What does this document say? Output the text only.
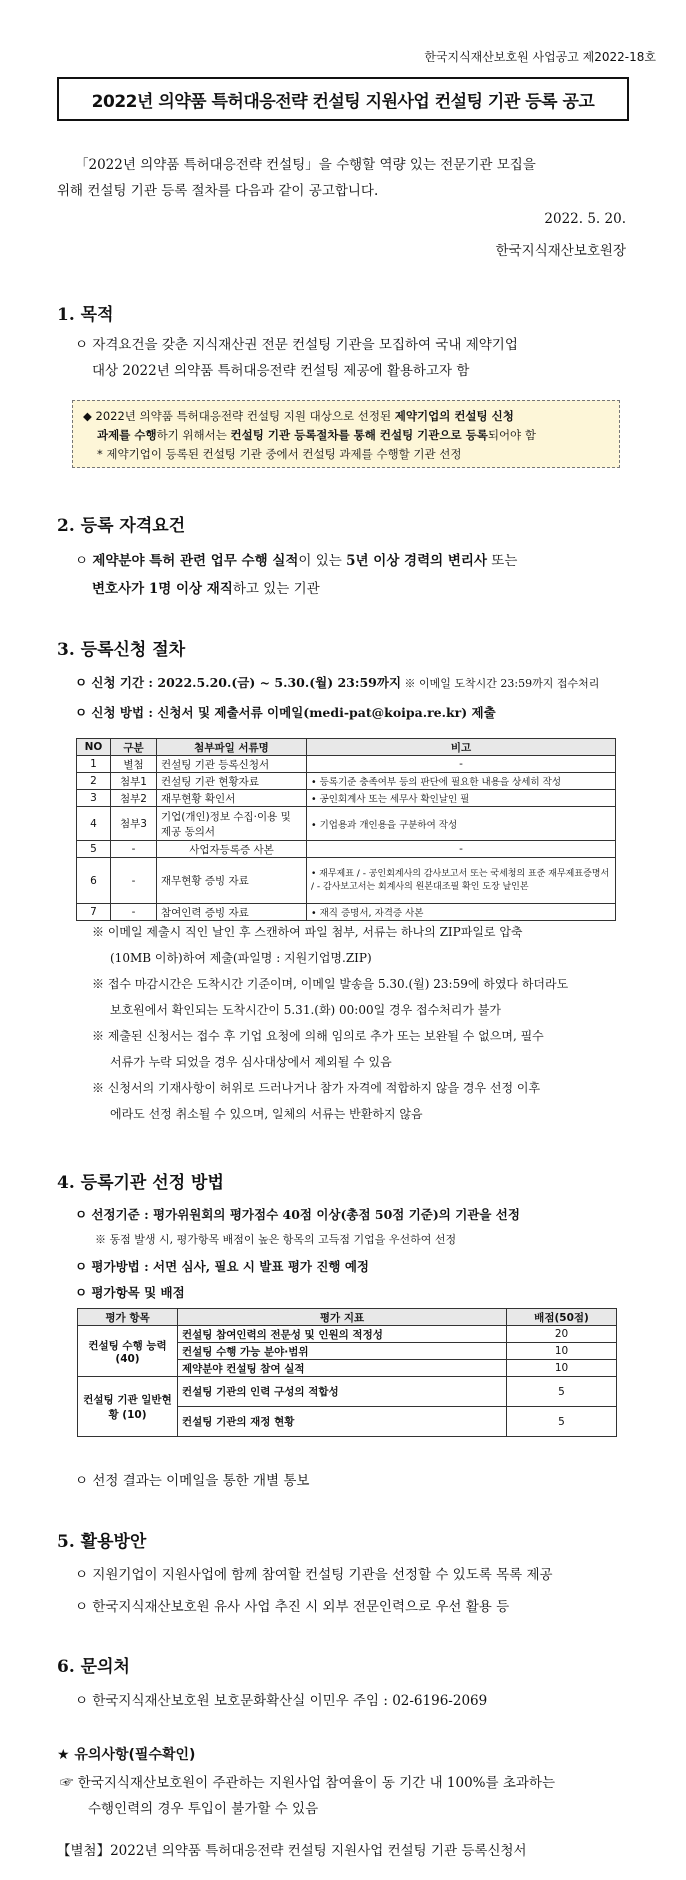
한국지식재산보호원 사업공고 제2022-18호
2022년 의약품 특허대응전략 컨설팅 지원사업 컨설팅 기관 등록 공고
「2022년 의약품 특허대응전략 컨설팅」을 수행할 역량 있는 전문기관 모집을
위해 컨설팅 기관 등록 절차를 다음과 같이 공고합니다.
2022. 5. 20.
한국지식재산보호원장
1. 목적
ㅇ 자격요건을 갖춘 지식재산권 전문 컨설팅 기관을 모집하여 국내 제약기업
대상 2022년 의약품 특허대응전략 컨설팅 제공에 활용하고자 함
◆ 2022년 의약품 특허대응전략 컨설팅 지원 대상으로 선정된 제약기업의 컨설팅 신청
과제를 수행하기 위해서는 컨설팅 기관 등록절차를 통해 컨설팅 기관으로 등록되어야 함
* 제약기업이 등록된 컨설팅 기관 중에서 컨설팅 과제를 수행할 기관 선정
2. 등록 자격요건
ㅇ 제약분야 특허 관련 업무 수행 실적이 있는 5년 이상 경력의 변리사 또는
변호사가 1명 이상 재직하고 있는 기관
3. 등록신청 절차
ㅇ 신청 기간 : 2022.5.20.(금) ~ 5.30.(월) 23:59까지 ※ 이메일 도착시간 23:59까지 접수처리
ㅇ 신청 방법 : 신청서 및 제출서류 이메일(medi-pat@koipa.re.kr) 제출
NO	구분	첨부파일 서류명	비고
1	별첨	컨설팅 기관 등록신청서	-
2	첨부1	컨설팅 기관 현황자료	• 등록기준 충족여부 등의 판단에 필요한 내용을 상세히 작성
3	첨부2	재무현황 확인서	• 공인회계사 또는 세무사 확인날인 필
4	첨부3	기업(개인)정보 수집·이용 및 제공 동의서	• 기업용과 개인용을 구분하여 작성
5	-	사업자등록증 사본	-
6	-	재무현황 증빙 자료	• 재무제표 / - 공인회계사의 감사보고서 또는 국세청의 표준 재무제표증명서 / - 감사보고서는 회계사의 원본대조필 확인 도장 날인본
7	-	참여인력 증빙 자료	• 재직 증명서, 자격증 사본
※ 이메일 제출시 직인 날인 후 스캔하여 파일 첨부, 서류는 하나의 ZIP파일로 압축
(10MB 이하)하여 제출(파일명 : 지원기업명.ZIP)
※ 접수 마감시간은 도착시간 기준이며, 이메일 발송을 5.30.(월) 23:59에 하였다 하더라도
보호원에서 확인되는 도착시간이 5.31.(화) 00:00일 경우 접수처리가 불가
※ 제출된 신청서는 접수 후 기업 요청에 의해 임의로 추가 또는 보완될 수 없으며, 필수
서류가 누락 되었을 경우 심사대상에서 제외될 수 있음
※ 신청서의 기재사항이 허위로 드러나거나 참가 자격에 적합하지 않을 경우 선정 이후
에라도 선정 취소될 수 있으며, 일체의 서류는 반환하지 않음
4. 등록기관 선정 방법
ㅇ 선정기준 : 평가위원회의 평가점수 40점 이상(총점 50점 기준)의 기관을 선정
※ 동점 발생 시, 평가항목 배점이 높은 항목의 고득점 기업을 우선하여 선정
ㅇ 평가방법 : 서면 심사, 필요 시 발표 평가 진행 예정
ㅇ 평가항목 및 배점
평가 항목	평가 지표	배점(50점)
컨설팅 수행 능력 (40)	컨설팅 참여인력의 전문성 및 인원의 적정성	20
	컨설팅 수행 가능 분야·범위	10
	제약분야 컨설팅 참여 실적	10
컨설팅 기관 일반현황 (10)	컨설팅 기관의 인력 구성의 적합성	5
	컨설팅 기관의 재정 현황	5
ㅇ 선정 결과는 이메일을 통한 개별 통보
5. 활용방안
ㅇ 지원기업이 지원사업에 함께 참여할 컨설팅 기관을 선정할 수 있도록 목록 제공
ㅇ 한국지식재산보호원 유사 사업 추진 시 외부 전문인력으로 우선 활용 등
6. 문의처
ㅇ 한국지식재산보호원 보호문화확산실 이민우 주임 : 02-6196-2069
★ 유의사항(필수확인)
☞ 한국지식재산보호원이 주관하는 지원사업 참여율이 동 기간 내 100%를 초과하는
수행인력의 경우 투입이 불가할 수 있음
【별첨】2022년 의약품 특허대응전략 컨설팅 지원사업 컨설팅 기관 등록신청서
